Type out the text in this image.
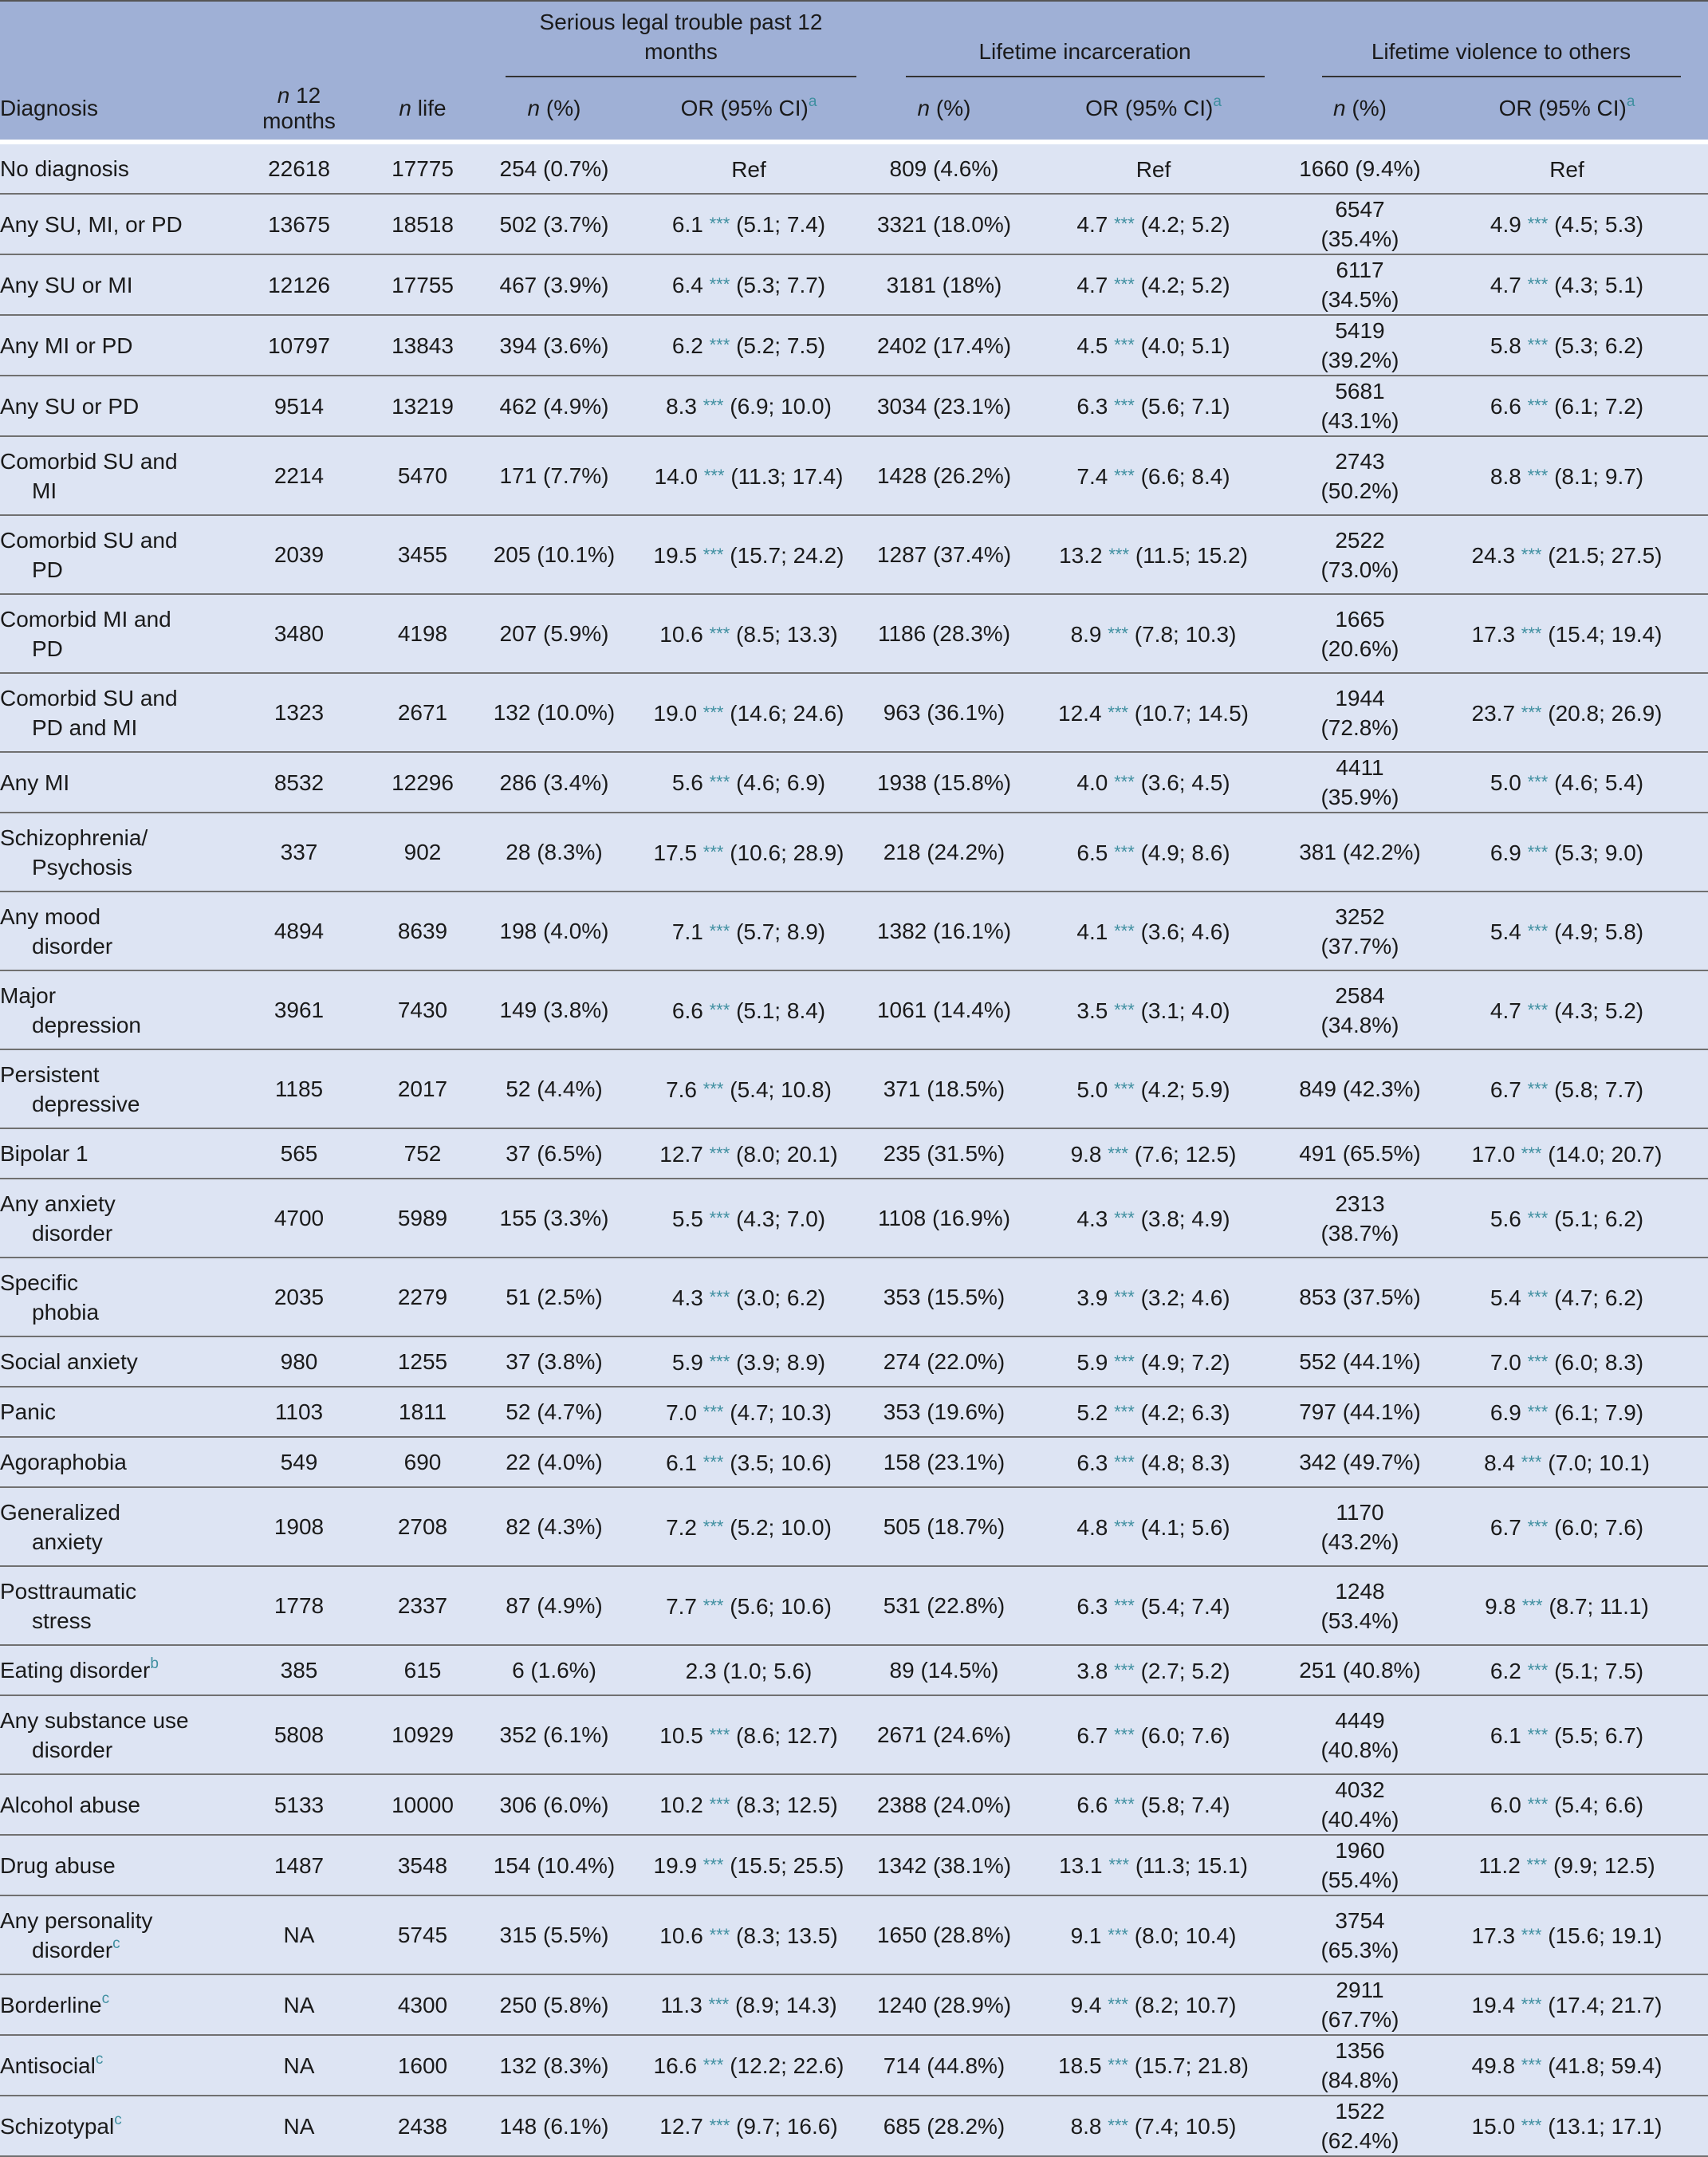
			Serious legal trouble past 12 months		Lifetime incarceration		Lifetime violence to others	
Diagnosis	n 12 months	n life	n (%)	OR (95% CI)$^a$	n (%)	OR (95% CI)$^a$	n (%)	OR (95% CI)$^a$
No diagnosis	22618	17775	254 (0.7%)	Ref	809 (4.6%)	Ref	1660 (9.4%)	Ref
Any SU, MI, or PD	13675	18518	502 (3.7%)	6.1 *** (5.1; 7.4)	3321 (18.0%)	4.7 *** (4.2; 5.2)	6547 (35.4%)	4.9 *** (4.5; 5.3)
Any SU or MI	12126	17755	467 (3.9%)	6.4 *** (5.3; 7.7)	3181 (18%)	4.7 *** (4.2; 5.2)	6117 (34.5%)	4.7 *** (4.3; 5.1)
Any MI or PD	10797	13843	394 (3.6%)	6.2 *** (5.2; 7.5)	2402 (17.4%)	4.5 *** (4.0; 5.1)	5419 (39.2%)	5.8 *** (5.3; 6.2)
Any SU or PD	9514	13219	462 (4.9%)	8.3 *** (6.9; 10.0)	3034 (23.1%)	6.3 *** (5.6; 7.1)	5681 (43.1%)	6.6 *** (6.1; 7.2)

Comorbid SU and
MI	2214	5470	171 (7.7%)	14.0 *** (11.3; 17.4)	1428 (26.2%)	7.4 *** (6.6; 8.4)	2743 (50.2%)	8.8 *** (8.1; 9.7)

Comorbid SU and
PD	2039	3455	205 (10.1%)	19.5 *** (15.7; 24.2)	1287 (37.4%)	13.2 *** (11.5; 15.2)	2522 (73.0%)	24.3 *** (21.5; 27.5)

Comorbid MI and
PD	3480	4198	207 (5.9%)	10.6 *** (8.5; 13.3)	1186 (28.3%)	8.9 *** (7.8; 10.3)	1665 (20.6%)	17.3 *** (15.4; 19.4)

Comorbid SU and
PD and MI	1323	2671	132 (10.0%)	19.0 *** (14.6; 24.6)	963 (36.1%)	12.4 *** (10.7; 14.5)	1944 (72.8%)	23.7 *** (20.8; 26.9)
Any MI	8532	12296	286 (3.4%)	5.6 *** (4.6; 6.9)	1938 (15.8%)	4.0 *** (3.6; 4.5)	4411 (35.9%)	5.0 *** (4.6; 5.4)

Schizophrenia/
Psychosis	337	902	28 (8.3%)	17.5 *** (10.6; 28.9)	218 (24.2%)	6.5 *** (4.9; 8.6)	381 (42.2%)	6.9 *** (5.3; 9.0)

Any mood
disorder	4894	8639	198 (4.0%)	7.1 *** (5.7; 8.9)	1382 (16.1%)	4.1 *** (3.6; 4.6)	3252 (37.7%)	5.4 *** (4.9; 5.8)

Major
depression	3961	7430	149 (3.8%)	6.6 *** (5.1; 8.4)	1061 (14.4%)	3.5 *** (3.1; 4.0)	2584 (34.8%)	4.7 *** (4.3; 5.2)

Persistent
depressive	1185	2017	52 (4.4%)	7.6 *** (5.4; 10.8)	371 (18.5%)	5.0 *** (4.2; 5.9)	849 (42.3%)	6.7 *** (5.8; 7.7)
Bipolar 1	565	752	37 (6.5%)	12.7 *** (8.0; 20.1)	235 (31.5%)	9.8 *** (7.6; 12.5)	491 (65.5%)	17.0 *** (14.0; 20.7)

Any anxiety
disorder	4700	5989	155 (3.3%)	5.5 *** (4.3; 7.0)	1108 (16.9%)	4.3 *** (3.8; 4.9)	2313 (38.7%)	5.6 *** (5.1; 6.2)

Specific
phobia	2035	2279	51 (2.5%)	4.3 *** (3.0; 6.2)	353 (15.5%)	3.9 *** (3.2; 4.6)	853 (37.5%)	5.4 *** (4.7; 6.2)
Social anxiety	980	1255	37 (3.8%)	5.9 *** (3.9; 8.9)	274 (22.0%)	5.9 *** (4.9; 7.2)	552 (44.1%)	7.0 *** (6.0; 8.3)
Panic	1103	1811	52 (4.7%)	7.0 *** (4.7; 10.3)	353 (19.6%)	5.2 *** (4.2; 6.3)	797 (44.1%)	6.9 *** (6.1; 7.9)
Agoraphobia	549	690	22 (4.0%)	6.1 *** (3.5; 10.6)	158 (23.1%)	6.3 *** (4.8; 8.3)	342 (49.7%)	8.4 *** (7.0; 10.1)

Generalized
anxiety	1908	2708	82 (4.3%)	7.2 *** (5.2; 10.0)	505 (18.7%)	4.8 *** (4.1; 5.6)	1170 (43.2%)	6.7 *** (6.0; 7.6)

Posttraumatic
stress	1778	2337	87 (4.9%)	7.7 *** (5.6; 10.6)	531 (22.8%)	6.3 *** (5.4; 7.4)	1248 (53.4%)	9.8 *** (8.7; 11.1)
Eating disorder$^b$	385	615	6 (1.6%)	2.3 (1.0; 5.6)	89 (14.5%)	3.8 *** (2.7; 5.2)	251 (40.8%)	6.2 *** (5.1; 7.5)

Any substance use
disorder	5808	10929	352 (6.1%)	10.5 *** (8.6; 12.7)	2671 (24.6%)	6.7 *** (6.0; 7.6)	4449 (40.8%)	6.1 *** (5.5; 6.7)
Alcohol abuse	5133	10000	306 (6.0%)	10.2 *** (8.3; 12.5)	2388 (24.0%)	6.6 *** (5.8; 7.4)	4032 (40.4%)	6.0 *** (5.4; 6.6)
Drug abuse	1487	3548	154 (10.4%)	19.9 *** (15.5; 25.5)	1342 (38.1%)	13.1 *** (11.3; 15.1)	1960 (55.4%)	11.2 *** (9.9; 12.5)

Any personality
disorder$^c$	NA	5745	315 (5.5%)	10.6 *** (8.3; 13.5)	1650 (28.8%)	9.1 *** (8.0; 10.4)	3754 (65.3%)	17.3 *** (15.6; 19.1)
Borderline$^c$	NA	4300	250 (5.8%)	11.3 *** (8.9; 14.3)	1240 (28.9%)	9.4 *** (8.2; 10.7)	2911 (67.7%)	19.4 *** (17.4; 21.7)
Antisocial$^c$	NA	1600	132 (8.3%)	16.6 *** (12.2; 22.6)	714 (44.8%)	18.5 *** (15.7; 21.8)	1356 (84.8%)	49.8 *** (41.8; 59.4)
Schizotypal$^c$	NA	2438	148 (6.1%)	12.7 *** (9.7; 16.6)	685 (28.2%)	8.8 *** (7.4; 10.5)	1522 (62.4%)	15.0 *** (13.1; 17.1)
